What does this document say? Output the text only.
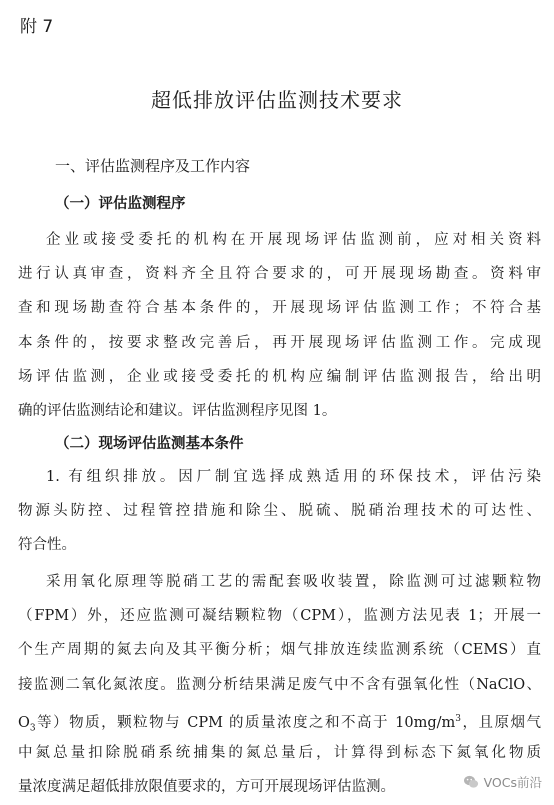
附 7
超低排放评估监测技术要求
一、评估监测程序及工作内容
（一）评估监测程序
企业或接受委托的机构在开展现场评估监测前，应对相关资料
进行认真审查，资料齐全且符合要求的，可开展现场勘查。资料审
查和现场勘查符合基本条件的，开展现场评估监测工作；不符合基
本条件的，按要求整改完善后，再开展现场评估监测工作。完成现
场评估监测，企业或接受委托的机构应编制评估监测报告，给出明
确的评估监测结论和建议。评估监测程序见图 1。
（二）现场评估监测基本条件
1. 有组织排放。因厂制宜选择成熟适用的环保技术，评估污染
物源头防控、过程管控措施和除尘、脱硫、脱硝治理技术的可达性、
符合性。
采用氧化原理等脱硝工艺的需配套吸收装置，除监测可过滤颗粒物
（FPM）外，还应监测可凝结颗粒物（CPM），监测方法见表 1；开展一
个生产周期的氮去向及其平衡分析；烟气排放连续监测系统（CEMS）直
接监测二氧化氮浓度。监测分析结果满足废气中不含有强氧化性（NaClO、
$O_3$等）物质，颗粒物与 CPM 的质量浓度之和不高于 $10mg/m^3$，且原烟气
中氮总量扣除脱硝系统捕集的氮总量后，计算得到标态下氮氧化物质
量浓度满足超低排放限值要求的，方可开展现场评估监测。	VOCs前沿
